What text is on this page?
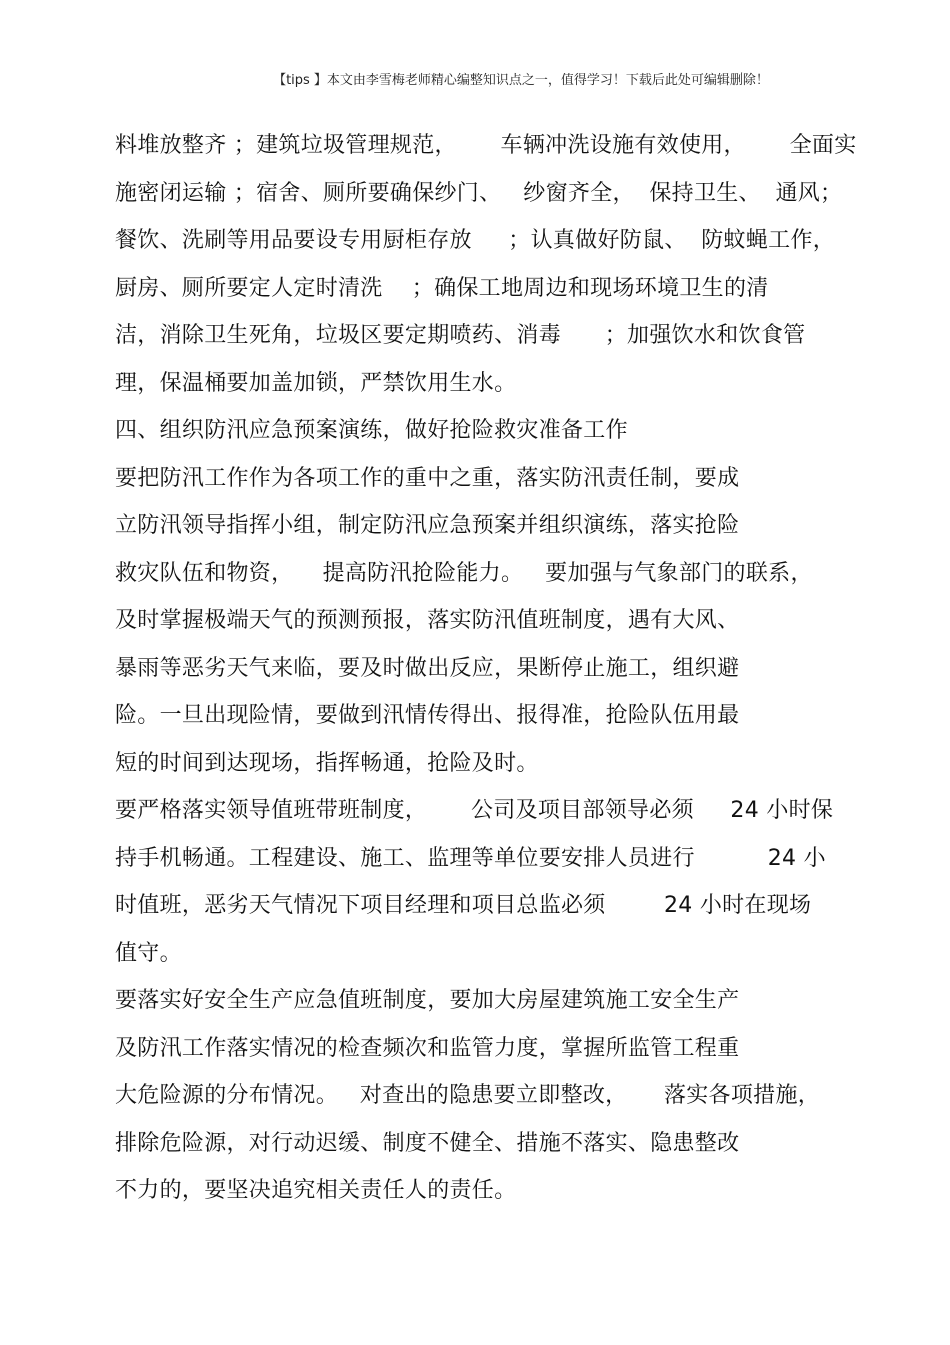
【tips 】本文由李雪梅老师精心编整知识点之一，值得学习！下载后此处可编辑删除！
料堆放整齐 ；建筑垃圾管理规范，      车辆冲洗设施有效使用，      全面实
施密闭运输 ；宿舍、厕所要确保纱门、   纱窗齐全，  保持卫生、  通风；
餐饮、洗刷等用品要设专用厨柜存放     ；认真做好防鼠、  防蚊蝇工作，
厨房、厕所要定人定时清洗    ；确保工地周边和现场环境卫生的清
洁，消除卫生死角，垃圾区要定期喷药、消毒      ；加强饮水和饮食管
理，保温桶要加盖加锁，严禁饮用生水。
四、组织防汛应急预案演练，做好抢险救灾准备工作
要把防汛工作作为各项工作的重中之重，落实防汛责任制，要成
立防汛领导指挥小组，制定防汛应急预案并组织演练，落实抢险
救灾队伍和物资，    提高防汛抢险能力。   要加强与气象部门的联系，
及时掌握极端天气的预测预报，落实防汛值班制度，遇有大风、
暴雨等恶劣天气来临，要及时做出反应，果断停止施工，组织避
险。一旦出现险情，要做到汛情传得出、报得准，抢险队伍用最
短的时间到达现场，指挥畅通，抢险及时。
要严格落实领导值班带班制度，      公司及项目部领导必须     24 小时保
持手机畅通。工程建设、施工、监理等单位要安排人员进行          24 小
时值班，恶劣天气情况下项目经理和项目总监必须        24 小时在现场
值守。
要落实好安全生产应急值班制度，要加大房屋建筑施工安全生产
及防汛工作落实情况的检查频次和监管力度，掌握所监管工程重
大危险源的分布情况。   对查出的隐患要立即整改，     落实各项措施，
排除危险源，对行动迟缓、制度不健全、措施不落实、隐患整改
不力的，要坚决追究相关责任人的责任。
